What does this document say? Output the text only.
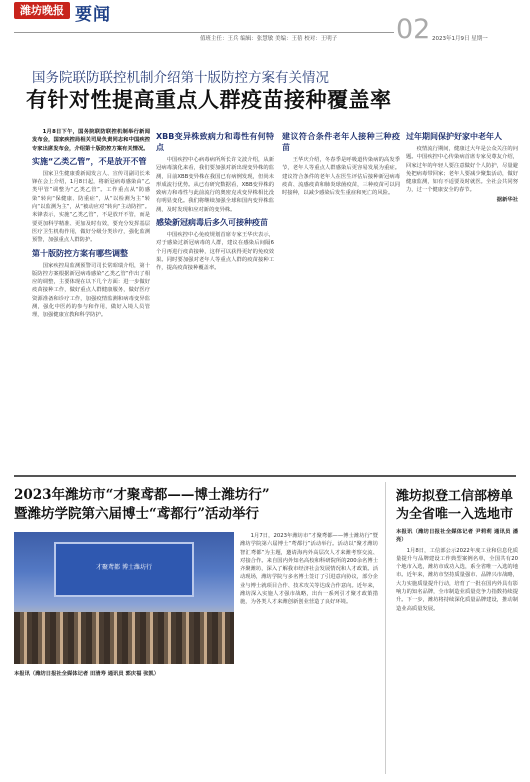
潍坊晚报 要闻	02
值班主任：王兵 编辑：张慧敏 美编：王蓓 校对：王明子	2023年1月9日 星期一
国务院联防联控机制介绍第十版防控方案有关情况
有针对性提高重点人群疫苗接种覆盖率

1月8日下午，国务院联防联控机制举行新闻发布会，国家疾控局相关司局负责同志和中国疾控专家出席发布会，介绍第十版防控方案有关情况。

实施“乙类乙管”，不是放开不管

国家卫生健康委新闻发言人、宣传司副司长米锋在会上介绍，1月8日起，将新冠病毒感染由“乙类甲管”调整为“乙类乙管”。工作重点从“防感染”转向“保健康、防重症”，从“以检测为主”转向“以监测为主”，从“被动应对”转向“主动防控”。米锋表示，实施“乙类乙管”，不是放开不管，而是要更加科学精准、更加及时有效，要充分发挥基层医疗卫生机构作用，做好分级分类诊疗，强化监测预警，加强重点人群防护。

第十版防控方案有哪些调整

国家疾控局监测预警司司长常昭瑞介绍，第十版防控方案根据新冠病毒感染“乙类乙管”作出了相应的调整，主要体现在以下几个方面：进一步做好疫苗接种工作，做好重点人群健康服务，做好医疗资源准备和诊疗工作，加强疫情监测和病毒变异监测，强化中医药的参与和作用，做好入境人员管理，加强健康宣教和科学防护。

XBB变异株致病力和毒性有何特点

中国疾控中心病毒病所所长许文波介绍，从新冠病毒演化来看，我们要加强对新出现变异株的监测，目前XBB变异株在我国已有病例发现，但尚未形成流行优势。从已有研究数据看，XBB变异株的致病力和毒性与此前流行的奥密克戎变异株相比没有明显变化。我们将继续加强全球和国内变异株监测，及时发现和应对新的变异株。

感染新冠病毒后多久可接种疫苗

中国疾控中心免疫规划首席专家王华庆表示，对于感染过新冠病毒的人群，建议在感染后间隔6个月再进行疫苗接种，这样可以获得更好的免疫效果。同时要加强对老年人等重点人群的疫苗接种工作，提高疫苗接种覆盖率。

建议符合条件老年人接种三种疫苗

王华庆介绍，冬春季是呼吸道传染病的高发季节，老年人等重点人群感染后更容易发展为重症。建议符合条件的老年人在医生评估后接种新冠病毒疫苗、流感疫苗和肺炎球菌疫苗，三种疫苗可以同时接种，以减少感染后发生重症和死亡的风险。

过年期间保护好家中老年人

疫情流行期间，健康过大年是公众关注的问题。中国疾控中心传染病首席专家吴尊友介绍，回家过年的年轻人要注意做好个人防护，尽量避免把病毒带回家；老年人要减少聚集活动，做好健康监测，如有不适要及时就医。全社会共同努力，过一个健康安全的春节。

据新华社

2023年潍坊市“才聚鸢都——博士潍坊行”
暨潍坊学院第六届博士“鸢都行”活动举行
才聚鸢都 博士潍坊行

1月7日，2023年潍坊市“才聚鸢都——博士潍坊行”暨潍坊学院第六届博士“鸢都行”活动举行。活动以“聚才潍坊 智汇鸢都”为主题，邀请海内外高层次人才来潍考察交流、对接合作。来自国内外知名高校和科研院所的200余名博士齐聚潍坊，深入了解我市经济社会发展情况和人才政策。活动现场，潍坊学院与多名博士签订了引进意向协议，部分企业与博士就项目合作、技术攻关等达成合作意向。近年来，潍坊深入实施人才强市战略，出台一系列引才聚才政策措施，为各类人才来潍创新创业营造了良好环境。

本报讯（潍坊日报社全媒体记者 田清寿 通讯员 郭庆福 张凯）

潍坊拟登工信部榜单
为全省唯一入选地市

本报讯（潍坊日报社全媒体记者 尹莉莉 通讯员 潘亮）

1月8日，工信部公示2022年度工业和信息化质量提升与品牌建设工作典型案例名单，全国共有20个地市入选，潍坊市成功入选，系全省唯一入选的地市。近年来，潍坊市坚持质量强市、品牌兴市战略，大力实施质量提升行动，培育了一批在国内外具有影响力的知名品牌，全市制造业质量竞争力指数持续提升。下一步，潍坊将持续深化质量品牌建设，推动制造业高质量发展。
